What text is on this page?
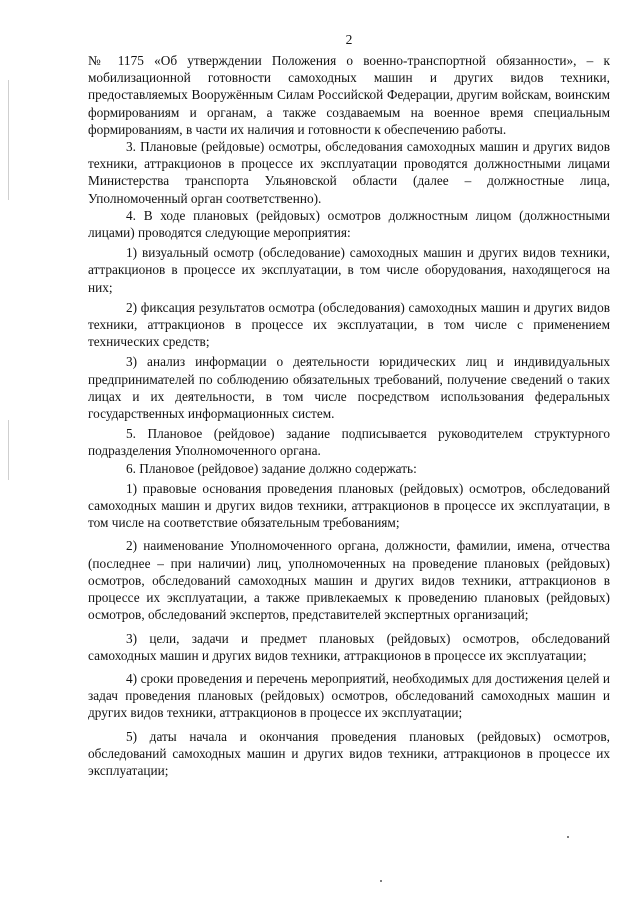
2

№ 1175 «Об утверждении Положения о военно-транспортной обязанности», – к мобилизационной готовности самоходных машин и других видов техники, предоставляемых Вооружённым Силам Российской Федерации, другим войскам, воинским формированиям и органам, а также создаваемым на военное время специальным формированиям, в части их наличия и готовности к обеспечению работы.

3. Плановые (рейдовые) осмотры, обследования самоходных машин и других видов техники, аттракционов в процессе их эксплуатации проводятся должностными лицами Министерства транспорта Ульяновской области (далее – должностные лица, Уполномоченный орган соответственно).

4. В ходе плановых (рейдовых) осмотров должностным лицом (должностными лицами) проводятся следующие мероприятия:

1) визуальный осмотр (обследование) самоходных машин и других видов техники, аттракционов в процессе их эксплуатации, в том числе оборудования, находящегося на них;

2) фиксация результатов осмотра (обследования) самоходных машин и других видов техники, аттракционов в процессе их эксплуатации, в том числе с применением технических средств;

3) анализ информации о деятельности юридических лиц и индивидуальных предпринимателей по соблюдению обязательных требований, получение сведений о таких лицах и их деятельности, в том числе посредством использования федеральных государственных информационных систем.

5. Плановое (рейдовое) задание подписывается руководителем структурного подразделения Уполномоченного органа.

6. Плановое (рейдовое) задание должно содержать:

1) правовые основания проведения плановых (рейдовых) осмотров, обследований самоходных машин и других видов техники, аттракционов в процессе их эксплуатации, в том числе на соответствие обязательным требованиям;

2) наименование Уполномоченного органа, должности, фамилии, имена, отчества (последнее – при наличии) лиц, уполномоченных на проведение плановых (рейдовых) осмотров, обследований самоходных машин и других видов техники, аттракционов в процессе их эксплуатации, а также привлекаемых к проведению плановых (рейдовых) осмотров, обследований экспертов, представителей экспертных организаций;

3) цели, задачи и предмет плановых (рейдовых) осмотров, обследований самоходных машин и других видов техники, аттракционов в процессе их эксплуатации;

4) сроки проведения и перечень мероприятий, необходимых для достижения целей и задач проведения плановых (рейдовых) осмотров, обследований самоходных машин и других видов техники, аттракционов в процессе их эксплуатации;

5) даты начала и окончания проведения плановых (рейдовых) осмотров, обследований самоходных машин и других видов техники, аттракционов в процессе их эксплуатации;
